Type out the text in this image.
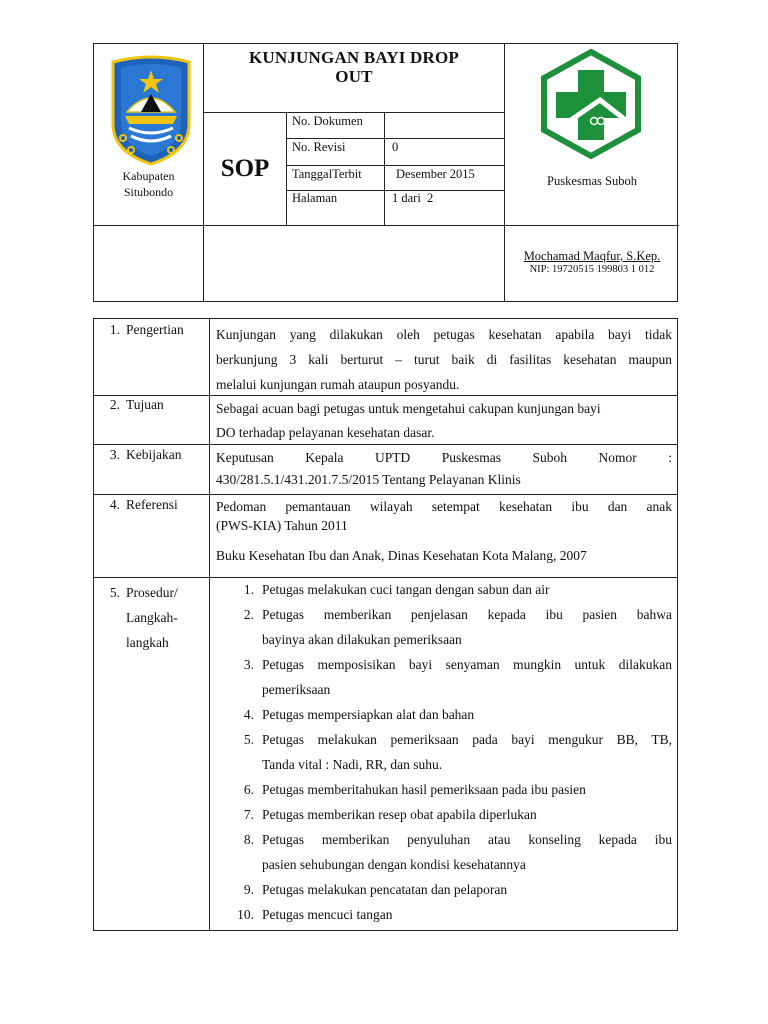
Kabupaten
Situbondo
KUNJUNGAN BAYI DROP
OUT
SOP
No. Dokumen
No. Revisi	0
TanggalTerbit	Desember 2015
Halaman	1 dari  2
Puskesmas Suboh
Mochamad Maqfur, S.Kep.
NIP: 19720515 199803 1 012
1. Pengertian	Kunjungan yang dilakukan oleh petugas kesehatan apabila bayi tidak
berkunjung 3 kali berturut – turut baik di fasilitas kesehatan maupun
melalui kunjungan rumah ataupun posyandu.
2. Tujuan	Sebagai acuan bagi petugas untuk mengetahui cakupan kunjungan bayi
DO terhadap pelayanan kesehatan dasar.
3. Kebijakan	Keputusan Kepala UPTD Puskesmas Suboh Nomor :
430/281.5.1/431.201.7.5/2015 Tentang Pelayanan Klinis
4. Referensi	Pedoman pemantauan wilayah setempat kesehatan ibu dan anak
(PWS-KIA) Tahun 2011
Buku Kesehatan Ibu dan Anak, Dinas Kesehatan Kota Malang, 2007
5. Prosedur/
Langkah-
langkah
1. Petugas melakukan cuci tangan dengan sabun dan air
2. Petugas memberikan penjelasan kepada ibu pasien bahwa
bayinya akan dilakukan pemeriksaan
3. Petugas memposisikan bayi senyaman mungkin untuk dilakukan
pemeriksaan
4. Petugas mempersiapkan alat dan bahan
5. Petugas melakukan pemeriksaan pada bayi mengukur BB, TB,
Tanda vital : Nadi, RR, dan suhu.
6. Petugas memberitahukan hasil pemeriksaan pada ibu pasien
7. Petugas memberikan resep obat apabila diperlukan
8. Petugas memberikan penyuluhan atau konseling kepada ibu
pasien sehubungan dengan kondisi kesehatannya
9. Petugas melakukan pencatatan dan pelaporan
10. Petugas mencuci tangan
